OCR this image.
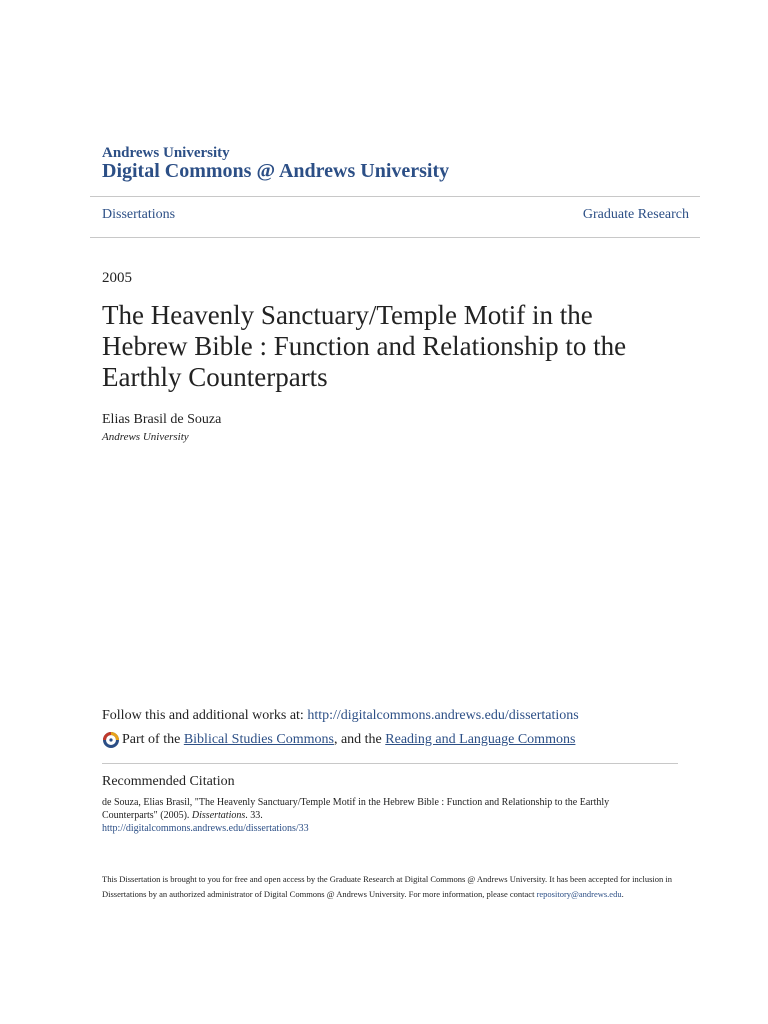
Andrews University
Digital Commons @ Andrews University
Dissertations	Graduate Research
2005
The Heavenly Sanctuary/Temple Motif in the Hebrew Bible : Function and Relationship to the Earthly Counterparts
Elias Brasil de Souza
Andrews University
Follow this and additional works at: http://digitalcommons.andrews.edu/dissertations
Part of the
Biblical Studies Commons , and the Reading and Language Commons
Recommended Citation
de Souza, Elias Brasil, "The Heavenly Sanctuary/Temple Motif in the Hebrew Bible : Function and Relationship to the Earthly Counterparts" (2005). Dissertations. 33.
http://digitalcommons.andrews.edu/dissertations/33
This Dissertation is brought to you for free and open access by the Graduate Research at Digital Commons @ Andrews University. It has been accepted for inclusion in Dissertations by an authorized administrator of Digital Commons @ Andrews University. For more information, please contact repository@andrews.edu.
